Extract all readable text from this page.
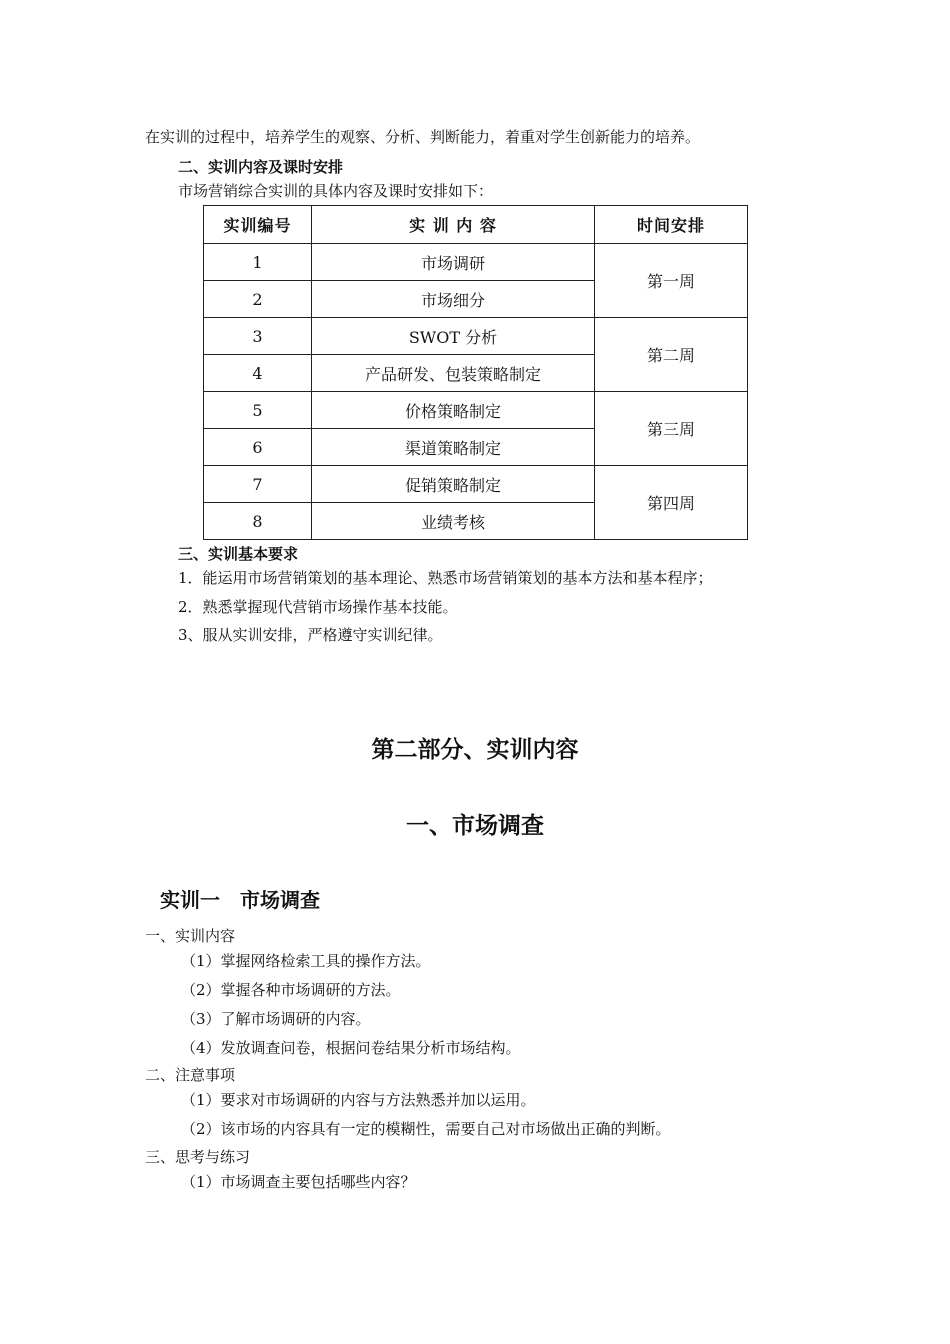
在实训的过程中，培养学生的观察、分析、判断能力，着重对学生创新能力的培养。
二、实训内容及课时安排
市场营销综合实训的具体内容及课时安排如下：
实训编号	实 训 内 容	时间安排
1	市场调研	第一周
2	市场细分	
3	SWOT 分析	第二周
4	产品研发、包装策略制定	
5	价格策略制定	第三周
6	渠道策略制定	
7	促销策略制定	第四周
8	业绩考核	
三、实训基本要求
1．能运用市场营销策划的基本理论、熟悉市场营销策划的基本方法和基本程序；
2．熟悉掌握现代营销市场操作基本技能。
3、服从实训安排，严格遵守实训纪律。
第二部分、实训内容
一、市场调查
实训一　市场调查
一、实训内容
（1）掌握网络检索工具的操作方法。
（2）掌握各种市场调研的方法。
（3）了解市场调研的内容。
（4）发放调查问卷，根据问卷结果分析市场结构。
二、注意事项
（1）要求对市场调研的内容与方法熟悉并加以运用。
（2）该市场的内容具有一定的模糊性，需要自己对市场做出正确的判断。
三、思考与练习
（1）市场调查主要包括哪些内容？
